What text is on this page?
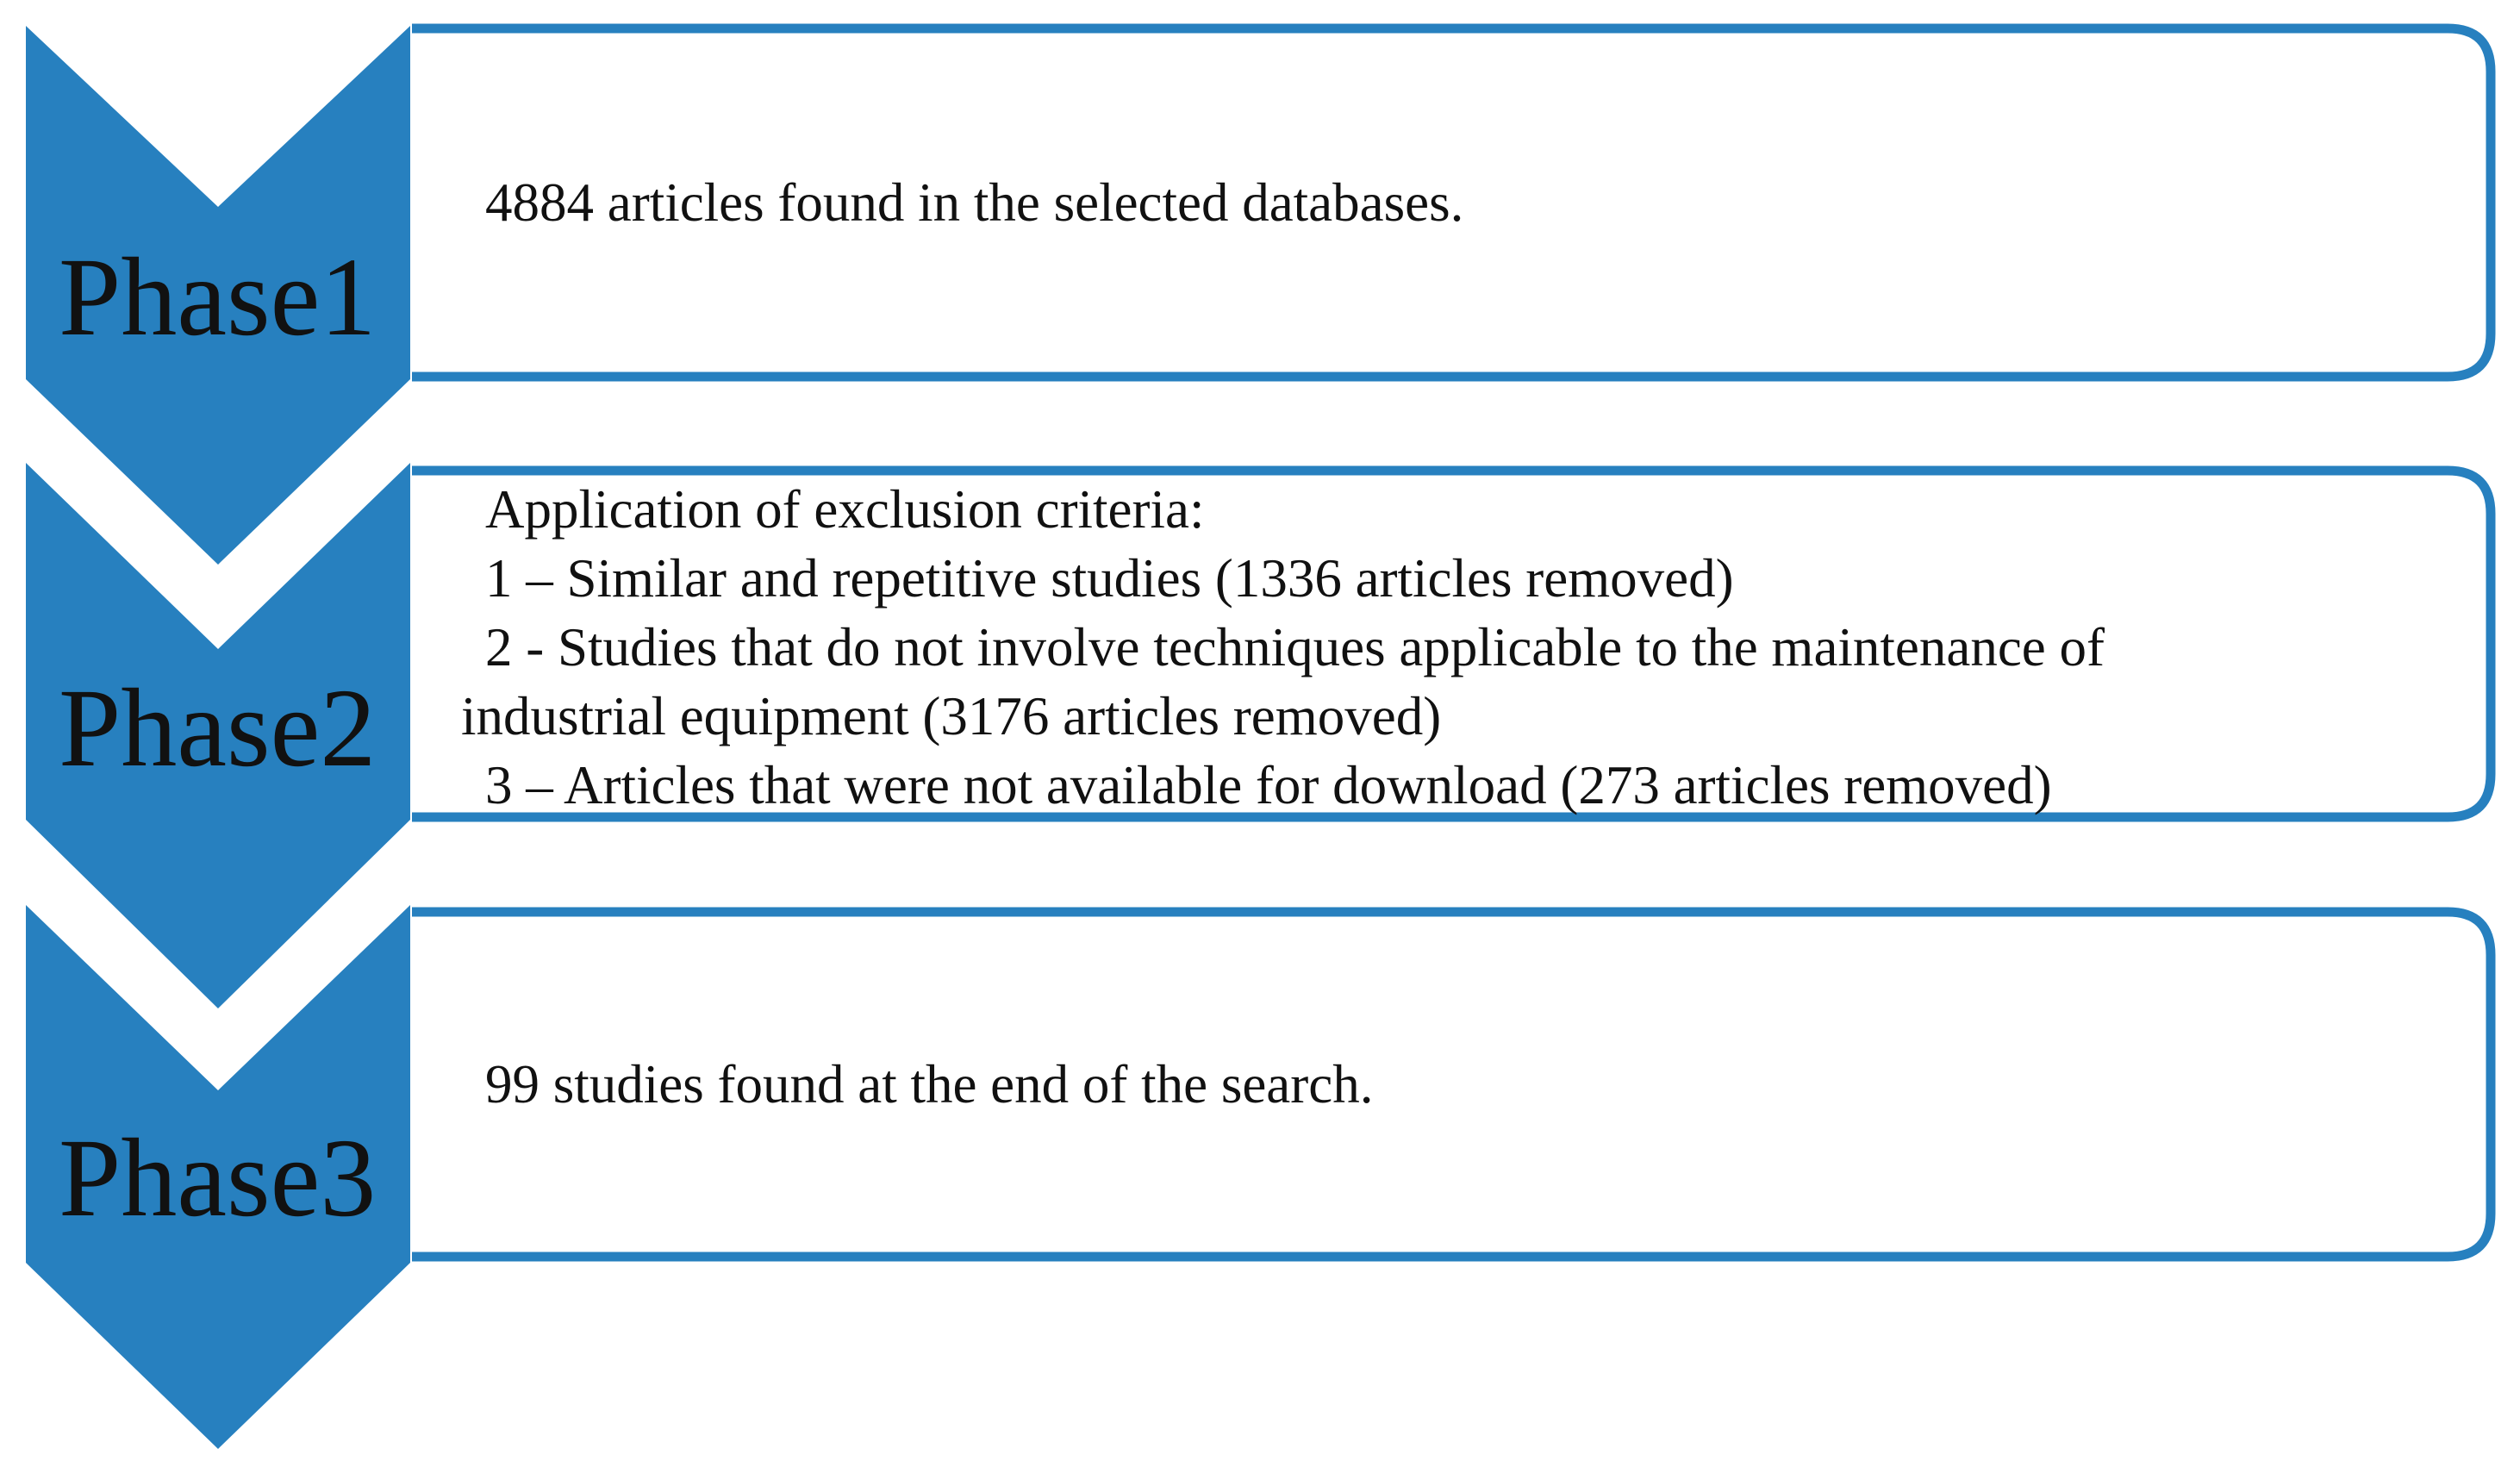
Phase1
4884 articles found in the selected databases.
Phase2
Application of exclusion criteria: 1 – Similar and repetitive studies (1336 articles removed) 2 - Studies that do not involve techniques applicable to the maintenance of industrial equipment (3176 articles removed) 3 – Articles that were not available for download (273 articles removed)
Phase3
99 studies found at the end of the search.
